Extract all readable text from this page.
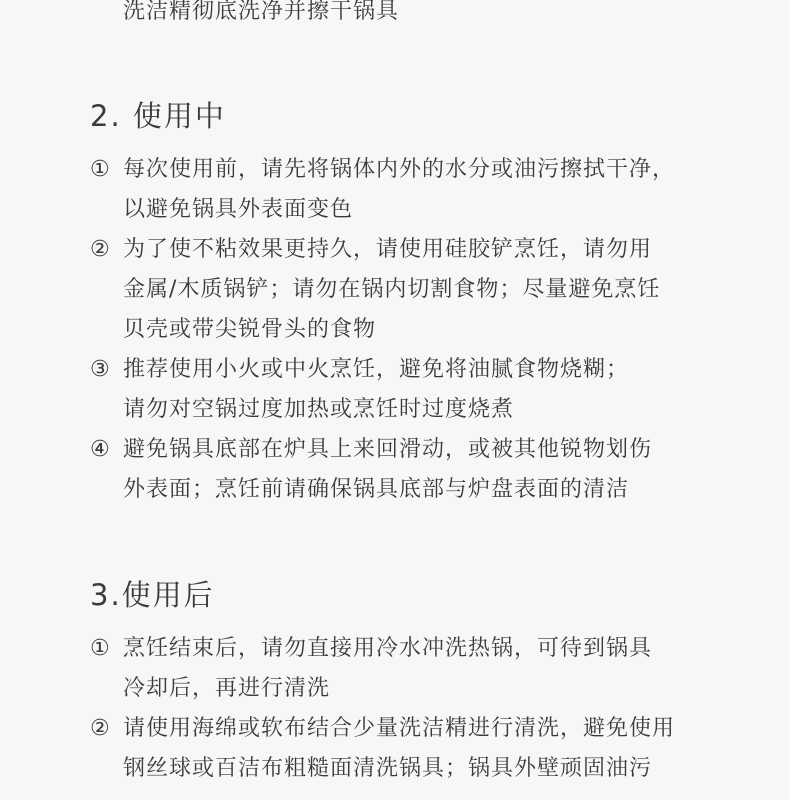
洗洁精彻底洗净并擦干锅具
2. 使用中
① 每次使用前，请先将锅体内外的水分或油污擦拭干净，
以避免锅具外表面变色
② 为了使不粘效果更持久，请使用硅胶铲烹饪，请勿用
金属/木质锅铲；请勿在锅内切割食物；尽量避免烹饪
贝壳或带尖锐骨头的食物
③ 推荐使用小火或中火烹饪，避免将油腻食物烧糊；
请勿对空锅过度加热或烹饪时过度烧煮
④ 避免锅具底部在炉具上来回滑动，或被其他锐物划伤
外表面；烹饪前请确保锅具底部与炉盘表面的清洁
3.使用后
① 烹饪结束后，请勿直接用冷水冲洗热锅，可待到锅具
冷却后，再进行清洗
② 请使用海绵或软布结合少量洗洁精进行清洗，避免使用
钢丝球或百洁布粗糙面清洗锅具；锅具外壁顽固油污
